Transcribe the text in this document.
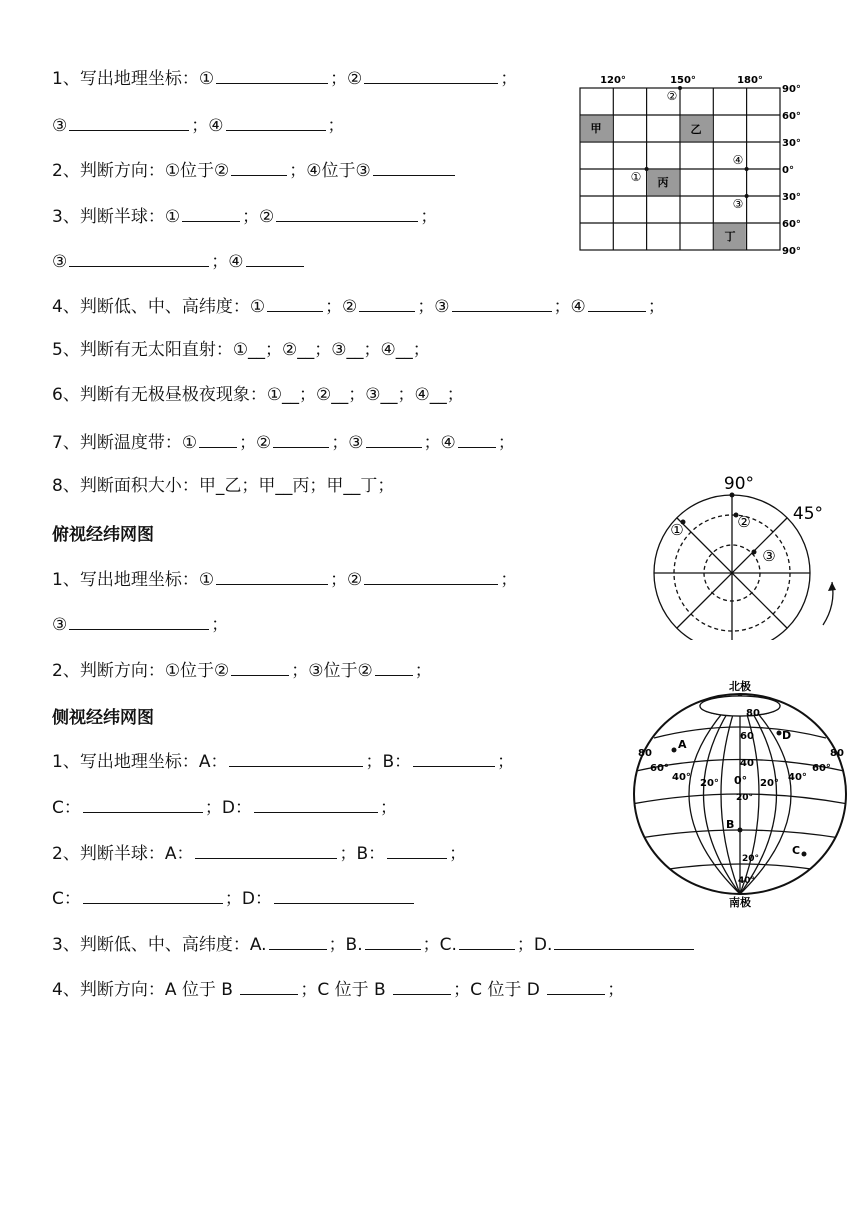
1、写出地理坐标：①	；②	；
③	；④	；
2、判断方向：①位于②	；④位于③
3、判断半球：①	；②	；
③	；④
4、判断低、中、高纬度：①	；②	；③	；④	；
5、判断有无太阳直射：①__；②__；③__；④__；
6、判断有无极昼极夜现象：①__；②__；③__；④__；
7、判断温度带：① ；②	；③	；④ ；
8、判断面积大小：甲_乙；甲__丙；甲__丁；
甲	乙
丙
丁
120°	150°	180°
90°
60°
30°
0°
30°
60°
90°
②
①
④
③
俯视经纬网图
1、写出地理坐标：①	；②	；
③	；
2、判断方向：①位于②	；③位于② ；
90°
45°
①	②
③
侧视经纬网图
1、写出地理坐标：A：	；B：	；
C：	；D：	；
2、判断半球：A：	；B：	；
C：	；D：
3、判断低、中、高纬度：A.	；B.	；C.	；D.
4、判断方向：A 位于 B	；C 位于 B	；C 位于 D	；
北极
南极
80
60
40
20°
0°
20°
40°
80
60°
40°
20°	20°
40°
60°
80
A
B
C
D
